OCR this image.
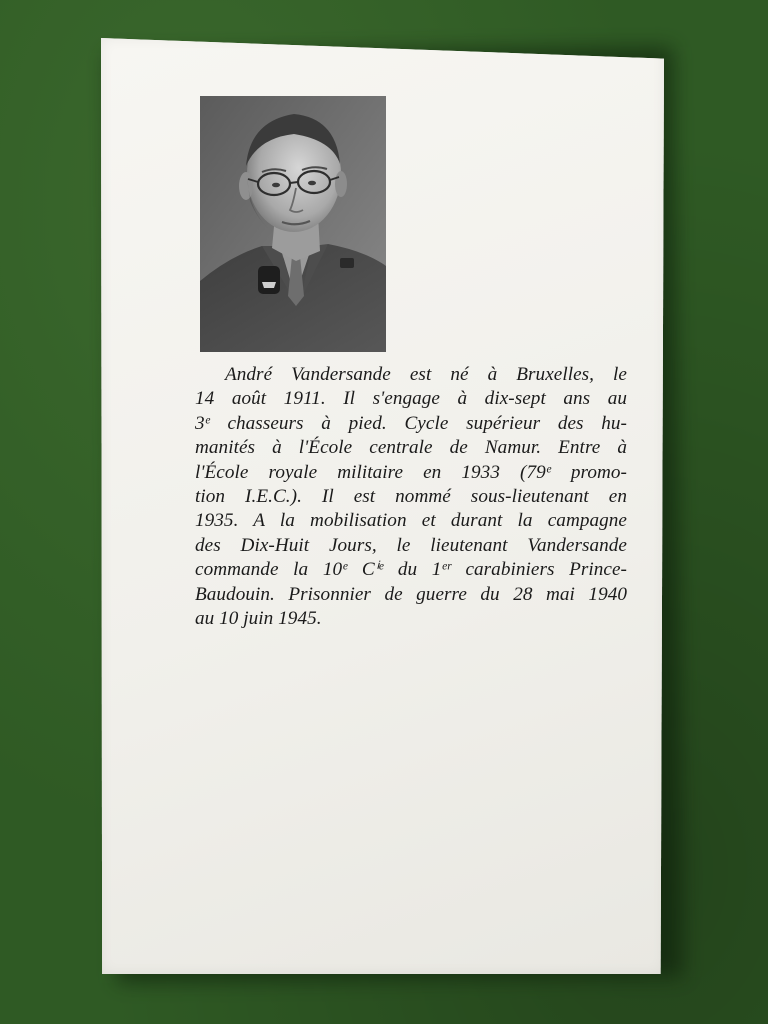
André Vandersande est né à Bruxelles, le
14 août 1911. Il s'engage à dix-sept ans au
3ᵉ chasseurs à pied. Cycle supérieur des hu-
manités à l'École centrale de Namur. Entre à
l'École royale militaire en 1933 (79ᵉ promo-
tion I.E.C.). Il est nommé sous-lieutenant en
1935. A la mobilisation et durant la campagne
des Dix-Huit Jours, le lieutenant Vandersande
commande la 10ᵉ Cⁱᵉ du 1ᵉʳ carabiniers Prince-
Baudouin. Prisonnier de guerre du 28 mai 1940
au 10 juin 1945.
